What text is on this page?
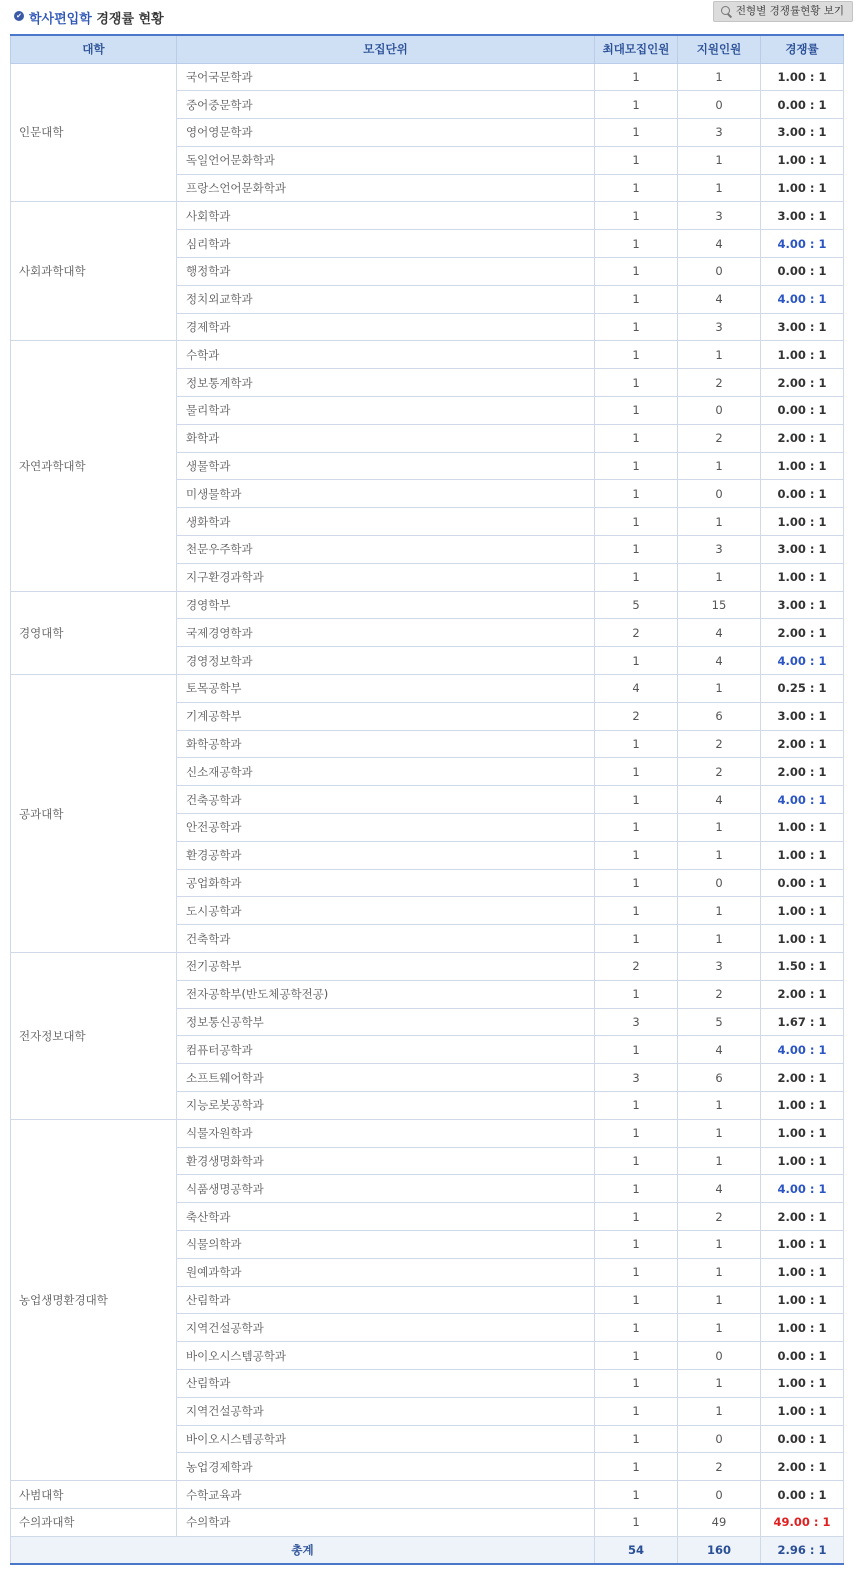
✔ 학사편입학 경쟁률 현황
전형별 경쟁률현황 보기
대학	모집단위	최대모집인원	지원인원	경쟁률
인문대학	국어국문학과	1	1	1.00 : 1
	중어중문학과	1	0	0.00 : 1
	영어영문학과	1	3	3.00 : 1
	독일언어문화학과	1	1	1.00 : 1
	프랑스언어문화학과	1	1	1.00 : 1
사회과학대학	사회학과	1	3	3.00 : 1
	심리학과	1	4	4.00 : 1
	행정학과	1	0	0.00 : 1
	정치외교학과	1	4	4.00 : 1
	경제학과	1	3	3.00 : 1
자연과학대학	수학과	1	1	1.00 : 1
	정보통계학과	1	2	2.00 : 1
	물리학과	1	0	0.00 : 1
	화학과	1	2	2.00 : 1
	생물학과	1	1	1.00 : 1
	미생물학과	1	0	0.00 : 1
	생화학과	1	1	1.00 : 1
	천문우주학과	1	3	3.00 : 1
	지구환경과학과	1	1	1.00 : 1
경영대학	경영학부	5	15	3.00 : 1
	국제경영학과	2	4	2.00 : 1
	경영정보학과	1	4	4.00 : 1
공과대학	토목공학부	4	1	0.25 : 1
	기계공학부	2	6	3.00 : 1
	화학공학과	1	2	2.00 : 1
	신소재공학과	1	2	2.00 : 1
	건축공학과	1	4	4.00 : 1
	안전공학과	1	1	1.00 : 1
	환경공학과	1	1	1.00 : 1
	공업화학과	1	0	0.00 : 1
	도시공학과	1	1	1.00 : 1
	건축학과	1	1	1.00 : 1
전자정보대학	전기공학부	2	3	1.50 : 1
	전자공학부(반도체공학전공)	1	2	2.00 : 1
	정보통신공학부	3	5	1.67 : 1
	컴퓨터공학과	1	4	4.00 : 1
	소프트웨어학과	3	6	2.00 : 1
	지능로봇공학과	1	1	1.00 : 1
농업생명환경대학	식물자원학과	1	1	1.00 : 1
	환경생명화학과	1	1	1.00 : 1
	식품생명공학과	1	4	4.00 : 1
	축산학과	1	2	2.00 : 1
	식물의학과	1	1	1.00 : 1
	원예과학과	1	1	1.00 : 1
	산림학과	1	1	1.00 : 1
	지역건설공학과	1	1	1.00 : 1
	바이오시스템공학과	1	0	0.00 : 1
	산림학과	1	1	1.00 : 1
	지역건설공학과	1	1	1.00 : 1
	바이오시스템공학과	1	0	0.00 : 1
	농업경제학과	1	2	2.00 : 1
사범대학	수학교육과	1	0	0.00 : 1
수의과대학	수의학과	1	49	49.00 : 1
총계		54	160	2.96 : 1
